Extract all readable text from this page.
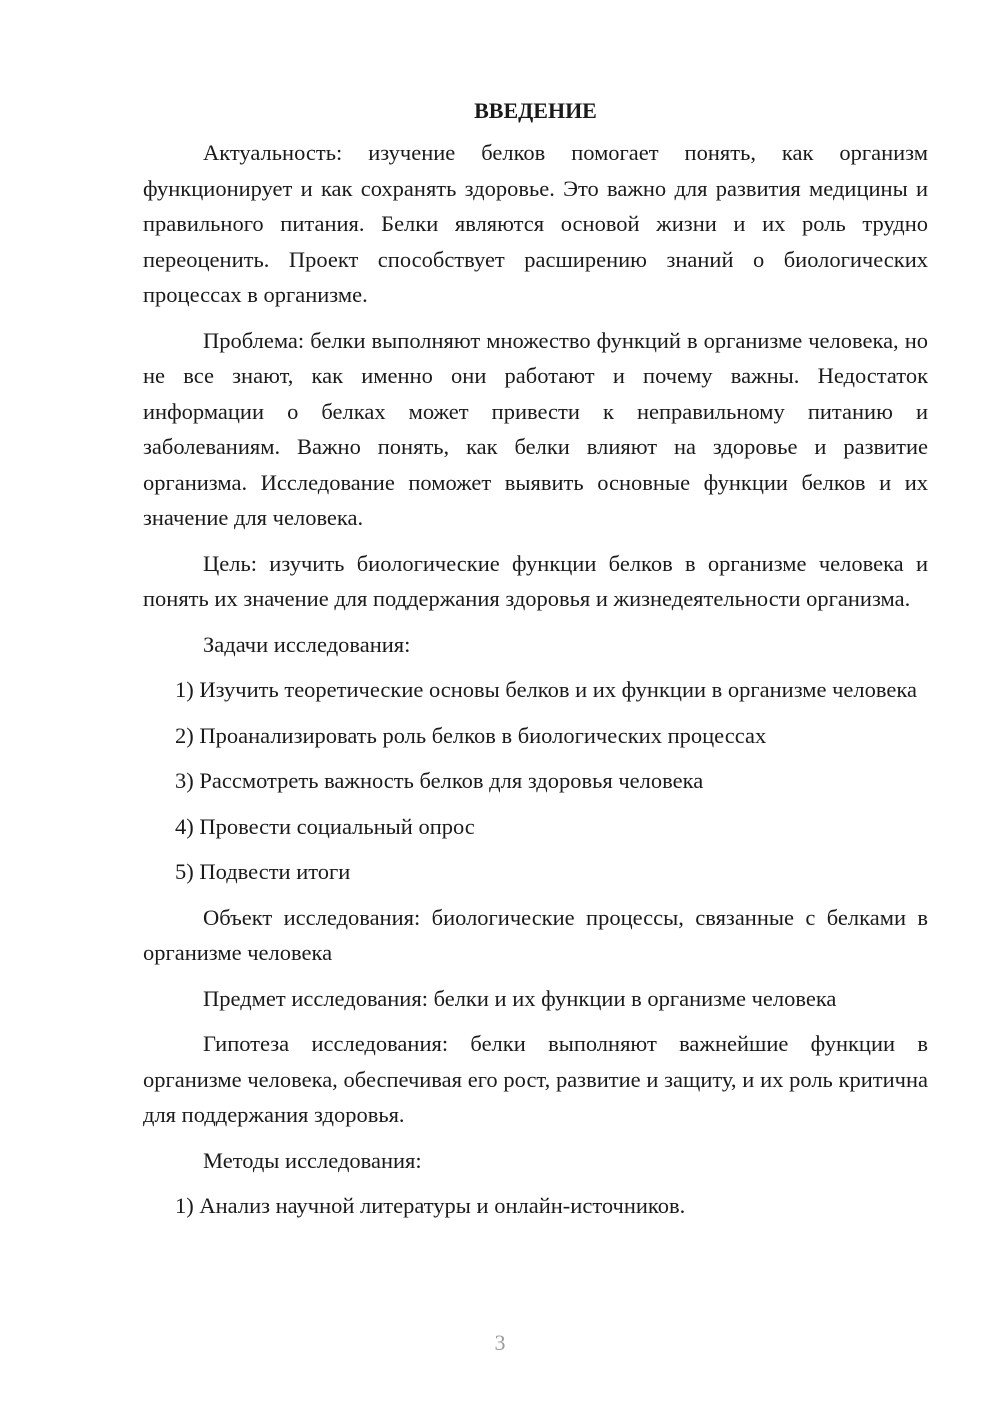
ВВЕДЕНИЕ
Актуальность: изучение белков помогает понять, как организм функционирует и как сохранять здоровье. Это важно для развития медицины и правильного питания. Белки являются основой жизни и их роль трудно переоценить. Проект способствует расширению знаний о биологических процессах в организме.
Проблема: белки выполняют множество функций в организме человека, но не все знают, как именно они работают и почему важны. Недостаток информации о белках может привести к неправильному питанию и заболеваниям. Важно понять, как белки влияют на здоровье и развитие организма. Исследование поможет выявить основные функции белков и их значение для человека.
Цель: изучить биологические функции белков в организме человека и понять их значение для поддержания здоровья и жизнедеятельности организма.
Задачи исследования:
1) Изучить теоретические основы белков и их функции в организме человека
2) Проанализировать роль белков в биологических процессах
3) Рассмотреть важность белков для здоровья человека
4) Провести социальный опрос
5) Подвести итоги
Объект исследования: биологические процессы, связанные с белками в организме человека
Предмет исследования: белки и их функции в организме человека
Гипотеза исследования: белки выполняют важнейшие функции в организме человека, обеспечивая его рост, развитие и защиту, и их роль критична для поддержания здоровья.
Методы исследования:
1) Анализ научной литературы и онлайн-источников.
3
